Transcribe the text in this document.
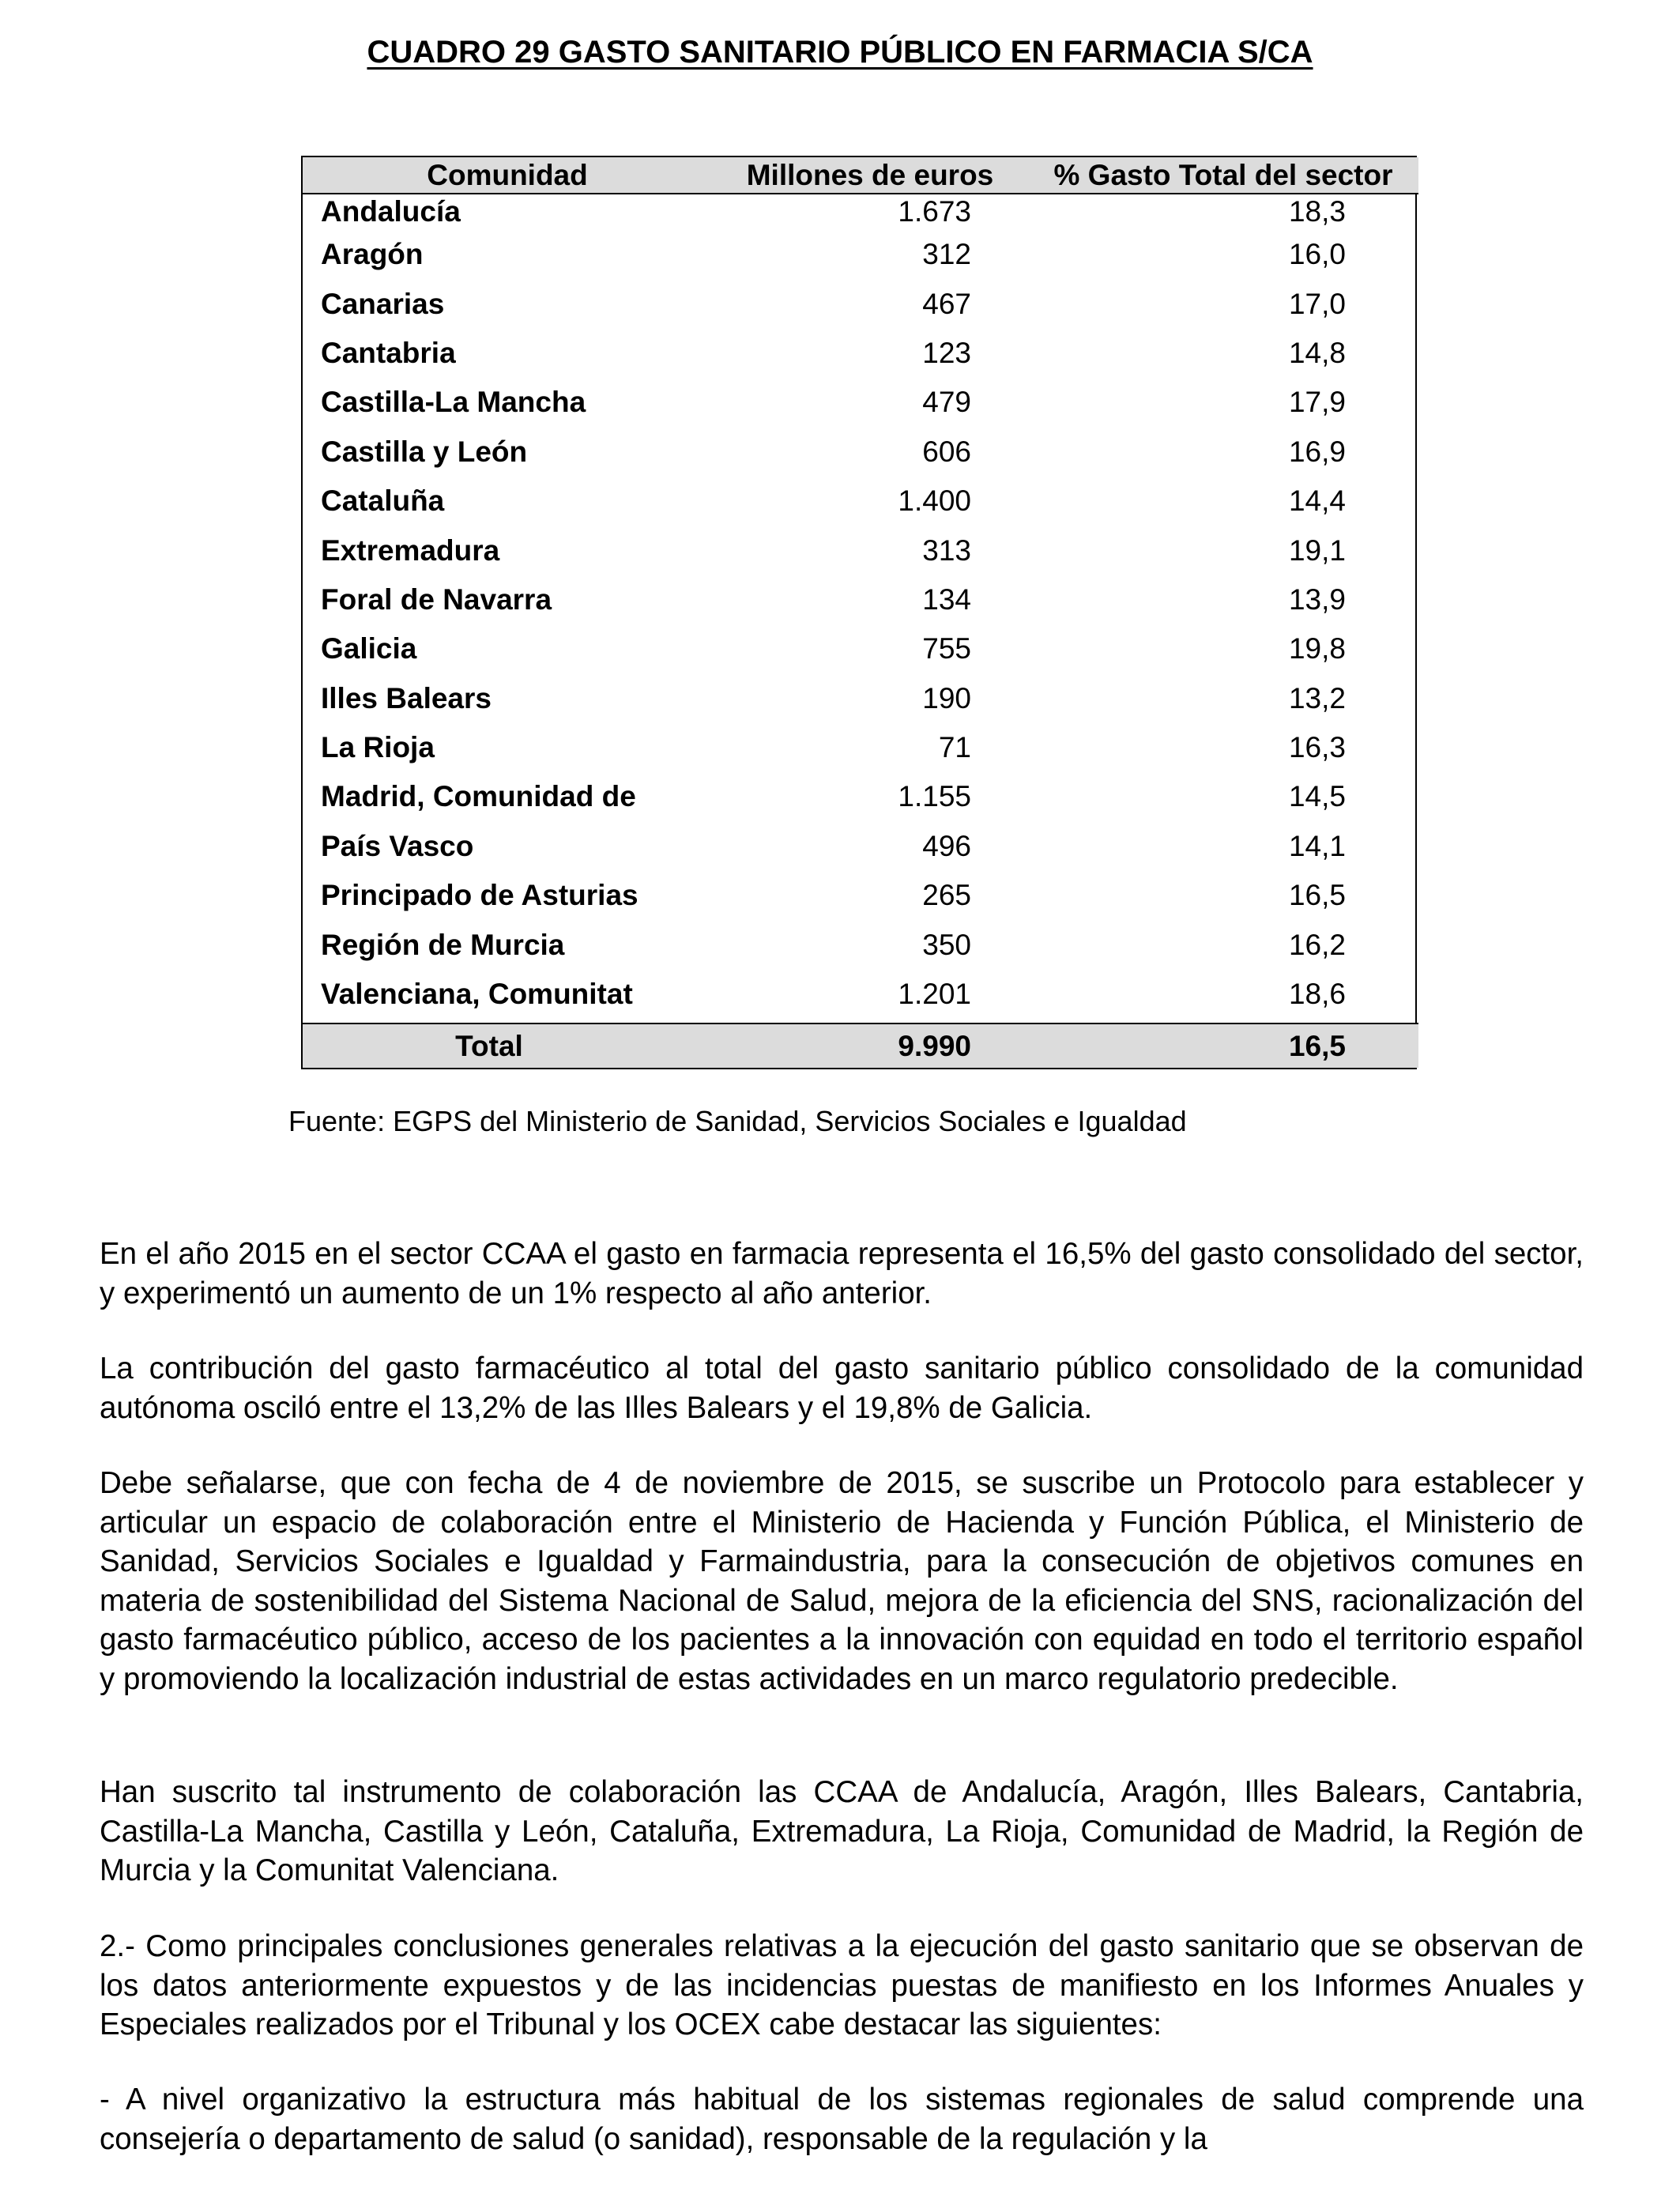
CUADRO 29 GASTO SANITARIO PÚBLICO EN FARMACIA S/CA
Comunidad	Millones de euros	% Gasto Total del sector
Andalucía	1.673	18,3
Aragón	312	16,0
Canarias	467	17,0
Cantabria	123	14,8
Castilla-La Mancha	479	17,9
Castilla y León	606	16,9
Cataluña	1.400	14,4
Extremadura	313	19,1
Foral de Navarra	134	13,9
Galicia	755	19,8
Illes Balears	190	13,2
La Rioja	71	16,3
Madrid, Comunidad de	1.155	14,5
País Vasco	496	14,1
Principado de Asturias	265	16,5
Región de Murcia	350	16,2
Valenciana, Comunitat	1.201	18,6

Total	9.990	16,5
Fuente: EGPS del Ministerio de Sanidad, Servicios Sociales e Igualdad

En el año 2015 en el sector CCAA el gasto en farmacia representa el 16,5% del gasto consolidado del sector, y experimentó un aumento de un 1% respecto al año anterior.

La contribución del gasto farmacéutico al total del gasto sanitario público consolidado de la comunidad autónoma osciló entre el 13,2% de las Illes Balears y el 19,8% de Galicia.

Debe señalarse, que con fecha de 4 de noviembre de 2015, se suscribe un Protocolo para establecer y articular un espacio de colaboración entre el Ministerio de Hacienda y Función Pública, el Ministerio de Sanidad, Servicios Sociales e Igualdad y Farmaindustria, para la consecución de objetivos comunes en materia de sostenibilidad del Sistema Nacional de Salud, mejora de la eficiencia del SNS, racionalización del gasto farmacéutico público, acceso de los pacientes a la innovación con equidad en todo el territorio español y promoviendo la localización industrial de estas actividades en un marco regulatorio predecible.

Han suscrito tal instrumento de colaboración las CCAA de Andalucía, Aragón, Illes Balears, Cantabria, Castilla-La Mancha, Castilla y León, Cataluña, Extremadura, La Rioja, Comunidad de Madrid, la Región de Murcia y la Comunitat Valenciana.

2.- Como principales conclusiones generales relativas a la ejecución del gasto sanitario que se observan de los datos anteriormente expuestos y de las incidencias puestas de manifiesto en los Informes Anuales y Especiales realizados por el Tribunal y los OCEX cabe destacar las siguientes:

- A nivel organizativo la estructura más habitual de los sistemas regionales de salud comprende una consejería o departamento de salud (o sanidad), responsable de la regulación y la
